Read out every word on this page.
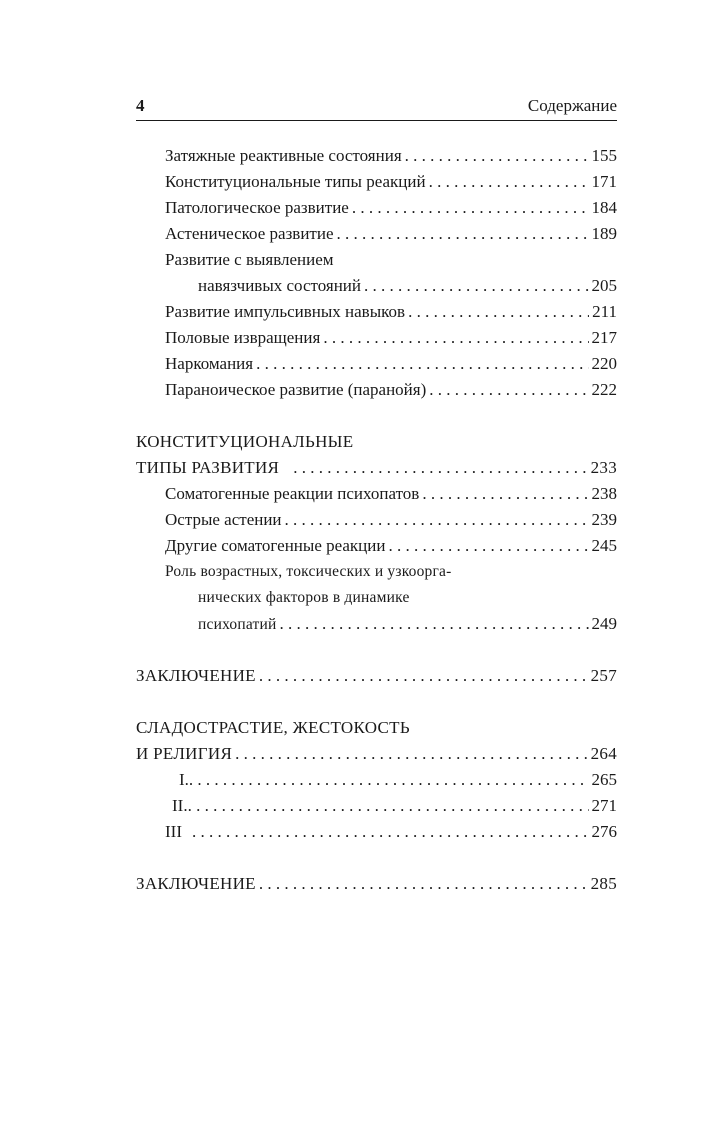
4	Содержание
Затяжные реактивные состояния . . .	155
Конституциональные типы реакций . . .	171
Патологическое развитие . . .	184
Астеническое развитие . . .	189
Развитие с выявлением
навязчивых состояний . . .	205
Развитие импульсивных навыков . . .	211
Половые извращения . . .	217
Наркомания . . .	220
Параноическое развитие (паранойя) . . .	222
КОНСТИТУЦИОНАЛЬНЫЕ
ТИПЫ РАЗВИТИЯ . . .	233
Соматогенные реакции психопатов . . .	238
Острые астении . . .	239
Другие соматогенные реакции . . .	245
Роль возрастных, токсических и узкоорга-
нических факторов в динамике
психопатий . . .	249
ЗАКЛЮЧЕНИЕ . . .	257
СЛАДОСТРАСТИЕ, ЖЕСТОКОСТЬ
И РЕЛИГИЯ . . .	264
I. . . .	265
II. . . .	271
III . . .	276
ЗАКЛЮЧЕНИЕ . . .	285
